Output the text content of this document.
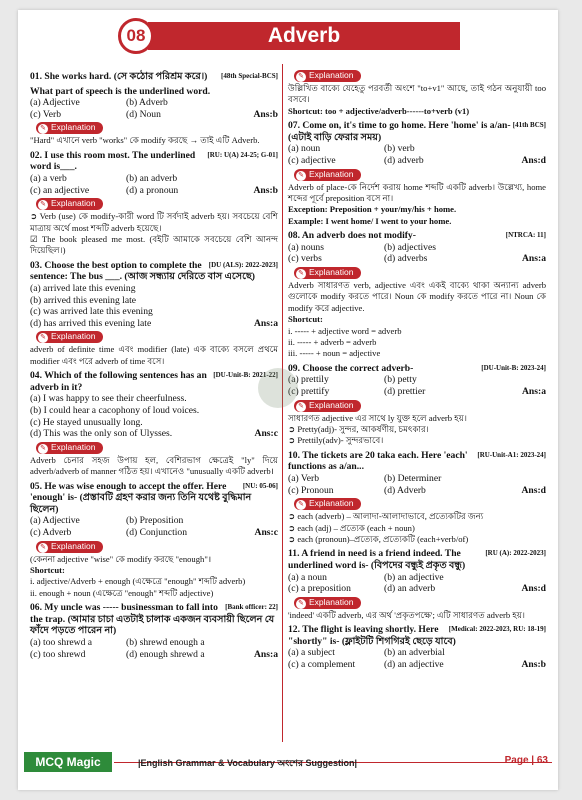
Adverb
08
[48th Special-BCS]
01. She works hard. (সে কঠোর পরিশ্রম করে।)
What part of speech is the underlined word.
(a) Adjective	(b) Adverb
(c) Verb	(d) Noun	Ans:b
✎ Explanation
"Hard" এখানে verb "works" কে modify করছে → তাই এটি Adverb.
[RU: U(A) 24-25; G-01]
02. I use this room most. The underlined word is___.
(a) a verb	(b) an adverb
(c) an adjective	(d) a pronoun	Ans:b
✎ Explanation
➲ Verb (use) কে modify-কারী word টি সর্বদাই adverb হয়। সবচেয়ে বেশি মাত্রায় অর্থে most শব্দটি adverb হয়েছে।
☑ The book pleased me most. (বইটি আমাকে সবচেয়ে বেশি আনন্দ দিয়েছিল।)
[DU (ALS): 2022-2023]
03. Choose the best option to complete the sentence: The bus ___. (আজ সন্ধ্যায় দেরিতে বাস এসেছে)
(a) arrived late this evening
(b) arrived this evening late
(c) was arrived late this evening
(d) has arrived this evening late	Ans:a
✎ Explanation
adverb of definite time এবং modifier (late) এক বাক্যে বসলে প্রথমে modifier এবং পরে adverb of time বসে।
[DU-Unit-B: 2021-22]
04. Which of the following sentences has an adverb in it?
(a) I was happy to see their cheerfulness.
(b) I could hear a cacophony of loud voices.
(c) He stayed unusually long.
(d) This was the only son of Ulysses.	Ans:c
✎ Explanation
Adverb চেনার সহজ উপায় হল, বেশিরভাগ ক্ষেত্রেই "ly" দিয়ে adverb/adverb of manner গঠিত হয়। এখানেও "unusually একটি adverb।
[NU: 05-06]
05. He was wise enough to accept the offer. Here 'enough' is- (প্রস্তাবটি গ্রহণ করার জন্য তিনি যথেষ্ট বুদ্ধিমান ছিলেন)
(a) Adjective	(b) Preposition
(c) Adverb	(d) Conjunction	Ans:c
✎ Explanation
(কেননা adjective "wise" কে modify করছে "enough"।
Shortcut:
i. adjective/Adverb + enough (এক্ষেত্রে "enough" শব্দটি adverb)
ii. enough + noun (এক্ষেত্রে "enough" শব্দটি adjective)
[Bank officer: 22]
06. My uncle was ----- businessman to fall into the trap. (আমার চাচা এতটাই চালাক একজন ব্যবসায়ী ছিলেন যে ফাঁদে পড়তে পারেন না)
(a) too shrewd a	(b) shrewd enough a
(c) too shrewd	(d) enough shrewd a	Ans:a
✎ Explanation
উল্লিখিত বাক্যে যেহেতু পরবর্তী অংশে "to+v1" আছে, তাই গঠন অনুযায়ী too বসবে।
Shortcut: too + adjective/adverb------to+verb (v1)
[41th BCS]
07. Come on, it's time to go home. Here 'home' is a/an- (এটাই বাড়ি ফেরার সময়)
(a) noun	(b) verb
(c) adjective	(d) adverb	Ans:d
✎ Explanation
Adverb of place-কে নির্দেশ করায় home শব্দটি একটি adverb। উল্লেখ্য, home শব্দের পূর্বে preposition বসে না।
Exception: Preposition + your/my/his + home.
Example: I went home/ I went to your home.
[NTRCA: 11]
08. An adverb does not modify-
(a) nouns	(b) adjectives
(c) verbs	(d) adverbs	Ans:a
✎ Explanation
Adverb সাধারণত verb, adjective এবং একই বাক্যে থাকা অন্যান্য adverb গুলোকে modify করতে পারে। Noun কে modify করতে পারে না। Noun কে modify করে adjective.
Shortcut:
i. ----- + adjective word = adverb
ii. ----- + adverb = adverb
iii. ----- + noun = adjective
[DU-Unit-B: 2023-24]
09. Choose the correct adverb-
(a) prettily	(b) petty
(c) prettify	(d) prettier	Ans:a
✎ Explanation
সাধারণত adjective এর সাথে ly যুক্ত হলে adverb হয়।
➲ Pretty(adj)- সুন্দর, আকর্ষণীয়, চমৎকার।
➲ Prettily(adv)- সুন্দরভাবে।
[RU-Unit-A1: 2023-24]
10. The tickets are 20 taka each. Here 'each' functions as a/an...
(a) Verb	(b) Determiner
(c) Pronoun	(d) Adverb	Ans:d
✎ Explanation
➲ each (adverb) – আলাদা-আলাদাভাবে, প্রত্যেকটির জন্য
➲ each (adj) – প্রত্যেক (each + noun)
➲ each (pronoun)–প্রত্যেক, প্রত্যেকটি (each+verb/of)
[RU (A): 2022-2023]
11. A friend in need is a friend indeed. The underlined word is- (বিপদের বন্ধুই প্রকৃত বন্ধু)
(a) a noun	(b) an adjective
(c) a preposition	(d) an adverb	Ans:d
✎ Explanation
'indeed' একটি adverb, এর অর্থ 'প্রকৃতপক্ষে'; এটি সাধারণত adverb হয়।
[Medical: 2022-2023, RU: 18-19]
12. The flight is leaving shortly. Here "shortly" is- (ফ্লাইটটি শিগগিরই ছেড়ে যাবে)
(a) a subject	(b) an adverbial
(c) a complement	(d) an adjective	Ans:b
MCQ Magic	|English Grammar & Vocabulary অংশের Suggestion|	Page | 63
